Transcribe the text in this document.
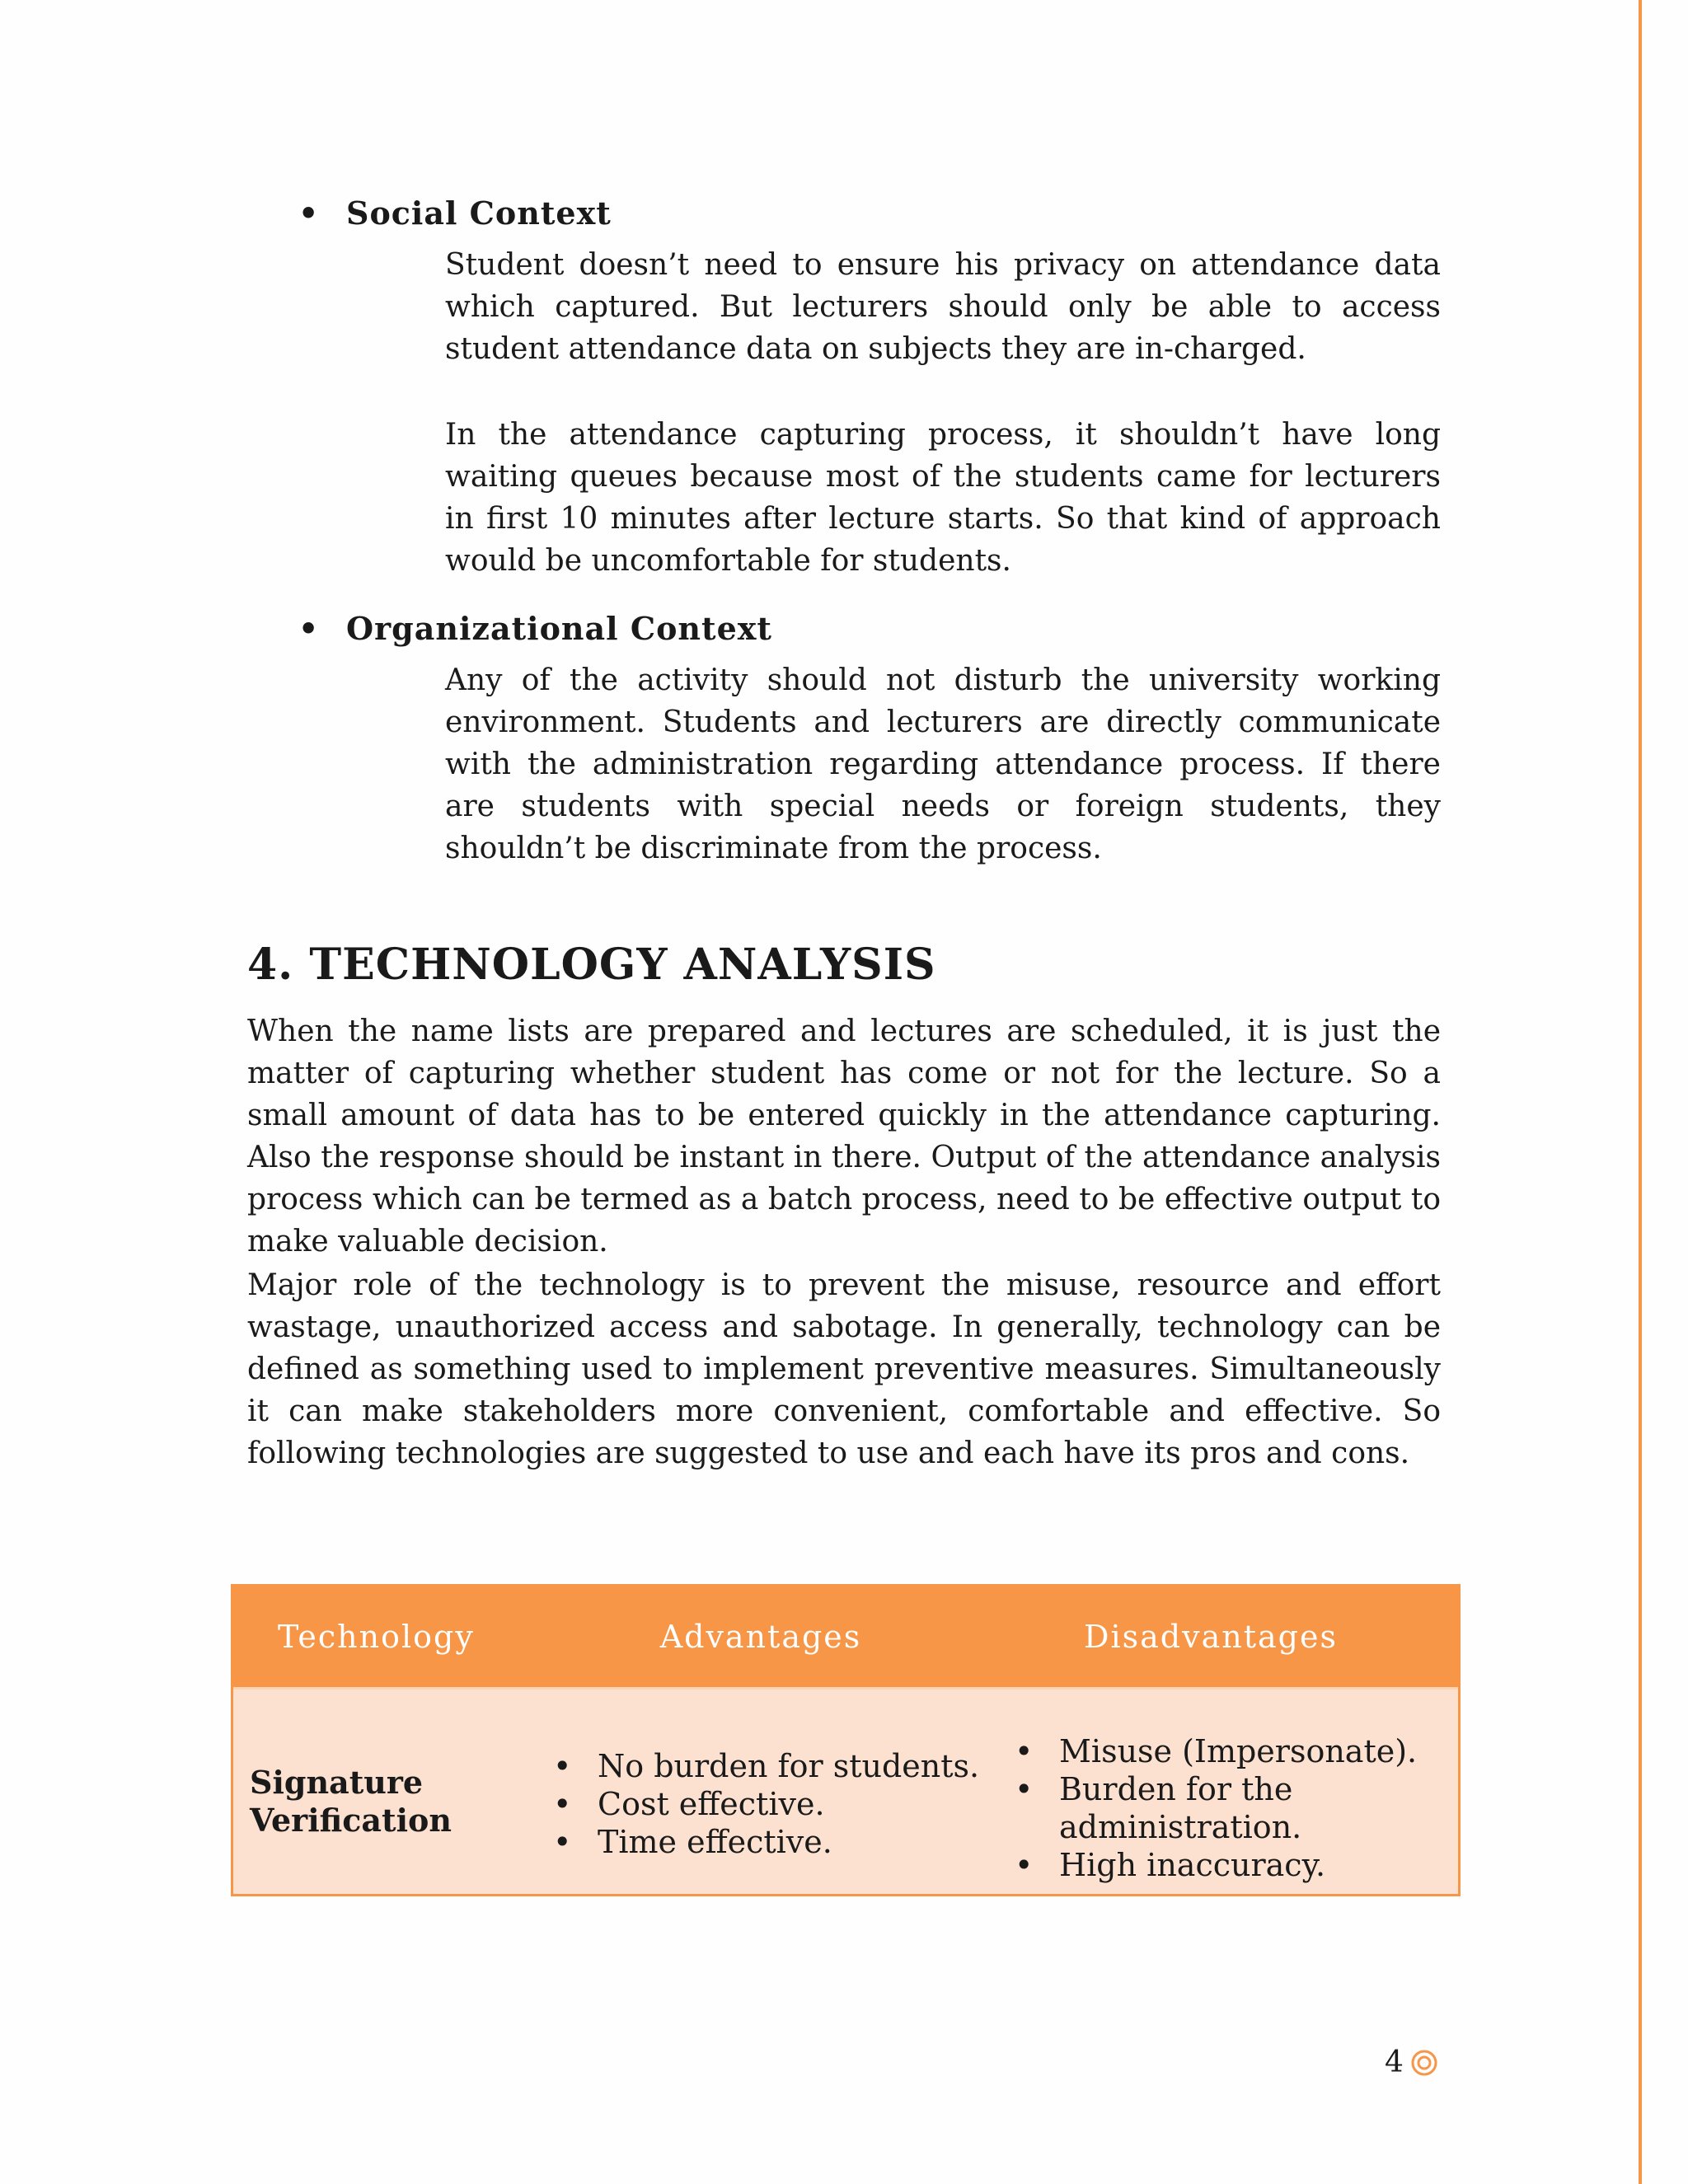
• Social Context

Student doesn’t need to ensure his privacy on attendance data which captured. But lecturers should only be able to access student attendance data on subjects they are in-charged.

In the attendance capturing process, it shouldn’t have long waiting queues because most of the students came for lecturers in first 10 minutes after lecture starts. So that kind of approach would be uncomfortable for students.

• Organizational Context

Any of the activity should not disturb the university working environment. Students and lecturers are directly communicate with the administration regarding attendance process. If there are students with special needs or foreign students, they shouldn’t be discriminate from the process.

4. TECHNOLOGY ANALYSIS

When the name lists are prepared and lectures are scheduled, it is just the matter of capturing whether student has come or not for the lecture. So a small amount of data has to be entered quickly in the attendance capturing. Also the response should be instant in there. Output of the attendance analysis process which can be termed as a batch process, need to be effective output to make valuable decision.

Major role of the technology is to prevent the misuse, resource and effort wastage, unauthorized access and sabotage. In generally, technology can be defined as something used to implement preventive measures. Simultaneously it can make stakeholders more convenient, comfortable and effective. So following technologies are suggested to use and each have its pros and cons.

Technology	Advantages	Disadvantages
Signature Verification
• No burden for students.
• Cost effective.
• Time effective.
• Misuse (Impersonate).
• Burden for the administration.
• High inaccuracy.
4
